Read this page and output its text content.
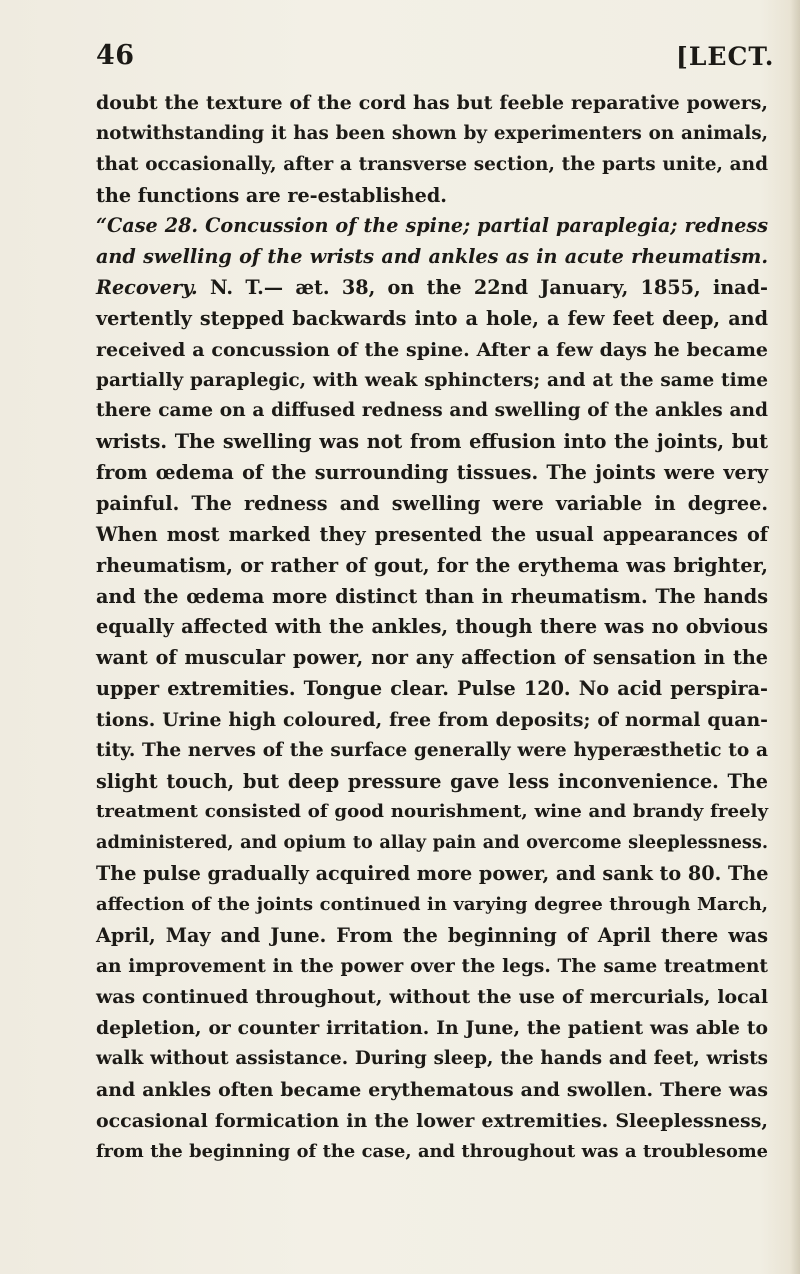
46	[LECT.
doubt the texture of the cord has but feeble reparative powers,
notwithstanding it has been shown by experimenters on animals,
that occasionally, after a transverse section, the parts unite, and
the functions are re-established.
“Case 28. Concussion of the spine; partial paraplegia; redness
and swelling of the wrists and ankles as in acute rheumatism.
Recovery. N. T.— æt. 38, on the 22nd January, 1855, inad-
vertently stepped backwards into a hole, a few feet deep, and
received a concussion of the spine. After a few days he became
partially paraplegic, with weak sphincters; and at the same time
there came on a diffused redness and swelling of the ankles and
wrists. The swelling was not from effusion into the joints, but
from œdema of the surrounding tissues. The joints were very
painful. The redness and swelling were variable in degree.
When most marked they presented the usual appearances of
rheumatism, or rather of gout, for the erythema was brighter,
and the œdema more distinct than in rheumatism. The hands
equally affected with the ankles, though there was no obvious
want of muscular power, nor any affection of sensation in the
upper extremities. Tongue clear. Pulse 120. No acid perspira-
tions. Urine high coloured, free from deposits; of normal quan-
tity. The nerves of the surface generally were hyperæsthetic to a
slight touch, but deep pressure gave less inconvenience. The
treatment consisted of good nourishment, wine and brandy freely
administered, and opium to allay pain and overcome sleeplessness.
The pulse gradually acquired more power, and sank to 80. The
affection of the joints continued in varying degree through March,
April, May and June. From the beginning of April there was
an improvement in the power over the legs. The same treatment
was continued throughout, without the use of mercurials, local
depletion, or counter irritation. In June, the patient was able to
walk without assistance. During sleep, the hands and feet, wrists
and ankles often became erythematous and swollen. There was
occasional formication in the lower extremities. Sleeplessness,
from the beginning of the case, and throughout was a troublesome
